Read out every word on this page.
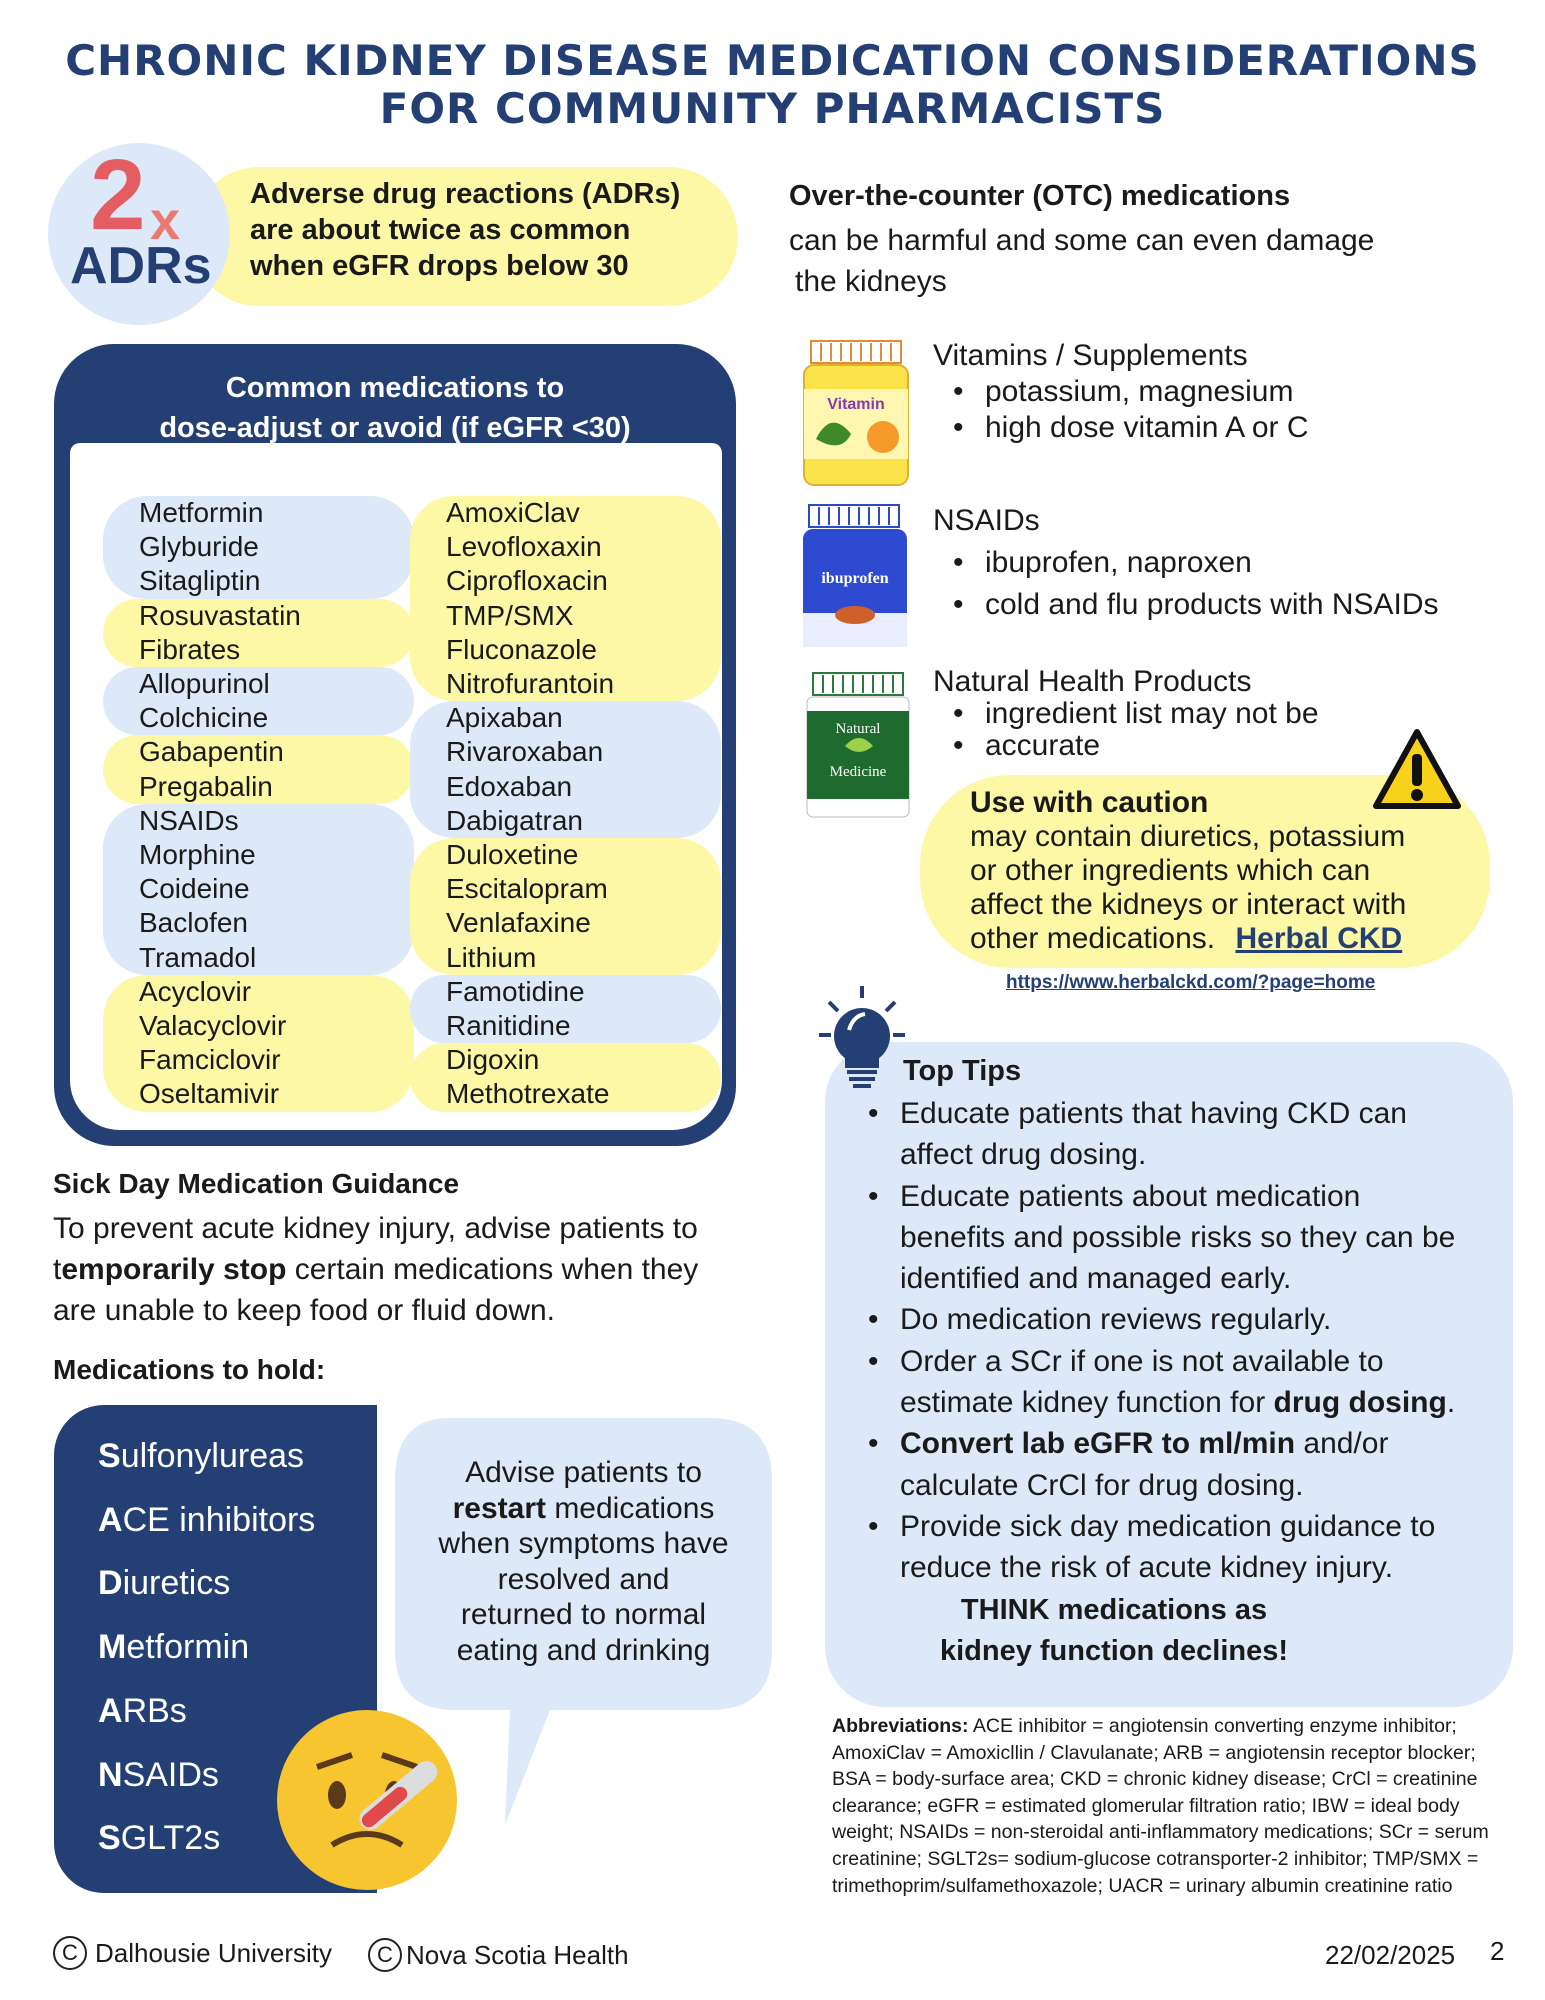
CHRONIC KIDNEY DISEASE MEDICATION CONSIDERATIONS
FOR COMMUNITY PHARMACISTS
2 x
ADRs
Adverse drug reactions (ADRs)
are about twice as common
when eGFR drops below 30
Common medications to
dose-adjust or avoid (if eGFR <30)
Metformin
Glyburide
Sitagliptin
Rosuvastatin
Fibrates
Allopurinol
Colchicine
Gabapentin
Pregabalin
NSAIDs
Morphine
Coideine
Baclofen
Tramadol
Acyclovir
Valacyclovir
Famciclovir
Oseltamivir
AmoxiClav
Levofloxaxin
Ciprofloxacin
TMP/SMX
Fluconazole
Nitrofurantoin
Apixaban
Rivaroxaban
Edoxaban
Dabigatran
Duloxetine
Escitalopram
Venlafaxine
Lithium
Famotidine
Ranitidine
Digoxin
Methotrexate
Sick Day Medication Guidance
To prevent acute kidney injury, advise patients to
temporarily stop certain medications when they
are unable to keep food or fluid down.
Medications to hold:
Sulfonylureas
ACE inhibitors
Diuretics
Metformin
ARBs
NSAIDs
SGLT2s
Advise patients to
restart medications
when symptoms have
resolved and
returned to normal
eating and drinking
C Dalhousie University	C Nova Scotia Health	22/02/2025 2
Over-the-counter (OTC) medications
can be harmful and some can even damage
the kidneys
Vitamin
ibuprofen
Natural
Medicine
Vitamins / Supplements
• potassium, magnesium
• high dose vitamin A or C
NSAIDs
• ibuprofen, naproxen
• cold and flu products with NSAIDs
Natural Health Products
• ingredient list may not be
• accurate
Use with caution
may contain diuretics, potassium
or other ingredients which can
affect the kidneys or interact with
other medications. Herbal CKD
https://www.herbalckd.com/?page=home
Top Tips
• Educate patients that having CKD can
affect drug dosing.
• Educate patients about medication
benefits and possible risks so they can be
identified and managed early.
• Do medication reviews regularly.
• Order a SCr if one is not available to
estimate kidney function for drug dosing.
• Convert lab eGFR to ml/min and/or
calculate CrCl for drug dosing.
• Provide sick day medication guidance to
reduce the risk of acute kidney injury.
THINK medications as
kidney function declines!
Abbreviations: ACE inhibitor = angiotensin converting enzyme inhibitor; AmoxiClav = Amoxicllin / Clavulanate; ARB = angiotensin receptor blocker; BSA = body-surface area; CKD = chronic kidney disease; CrCl = creatinine clearance; eGFR = estimated glomerular filtration ratio; IBW = ideal body weight; NSAIDs = non-steroidal anti-inflammatory medications; SCr = serum creatinine; SGLT2s= sodium-glucose cotransporter-2 inhibitor; TMP/SMX = trimethoprim/sulfamethoxazole; UACR = urinary albumin creatinine ratio
